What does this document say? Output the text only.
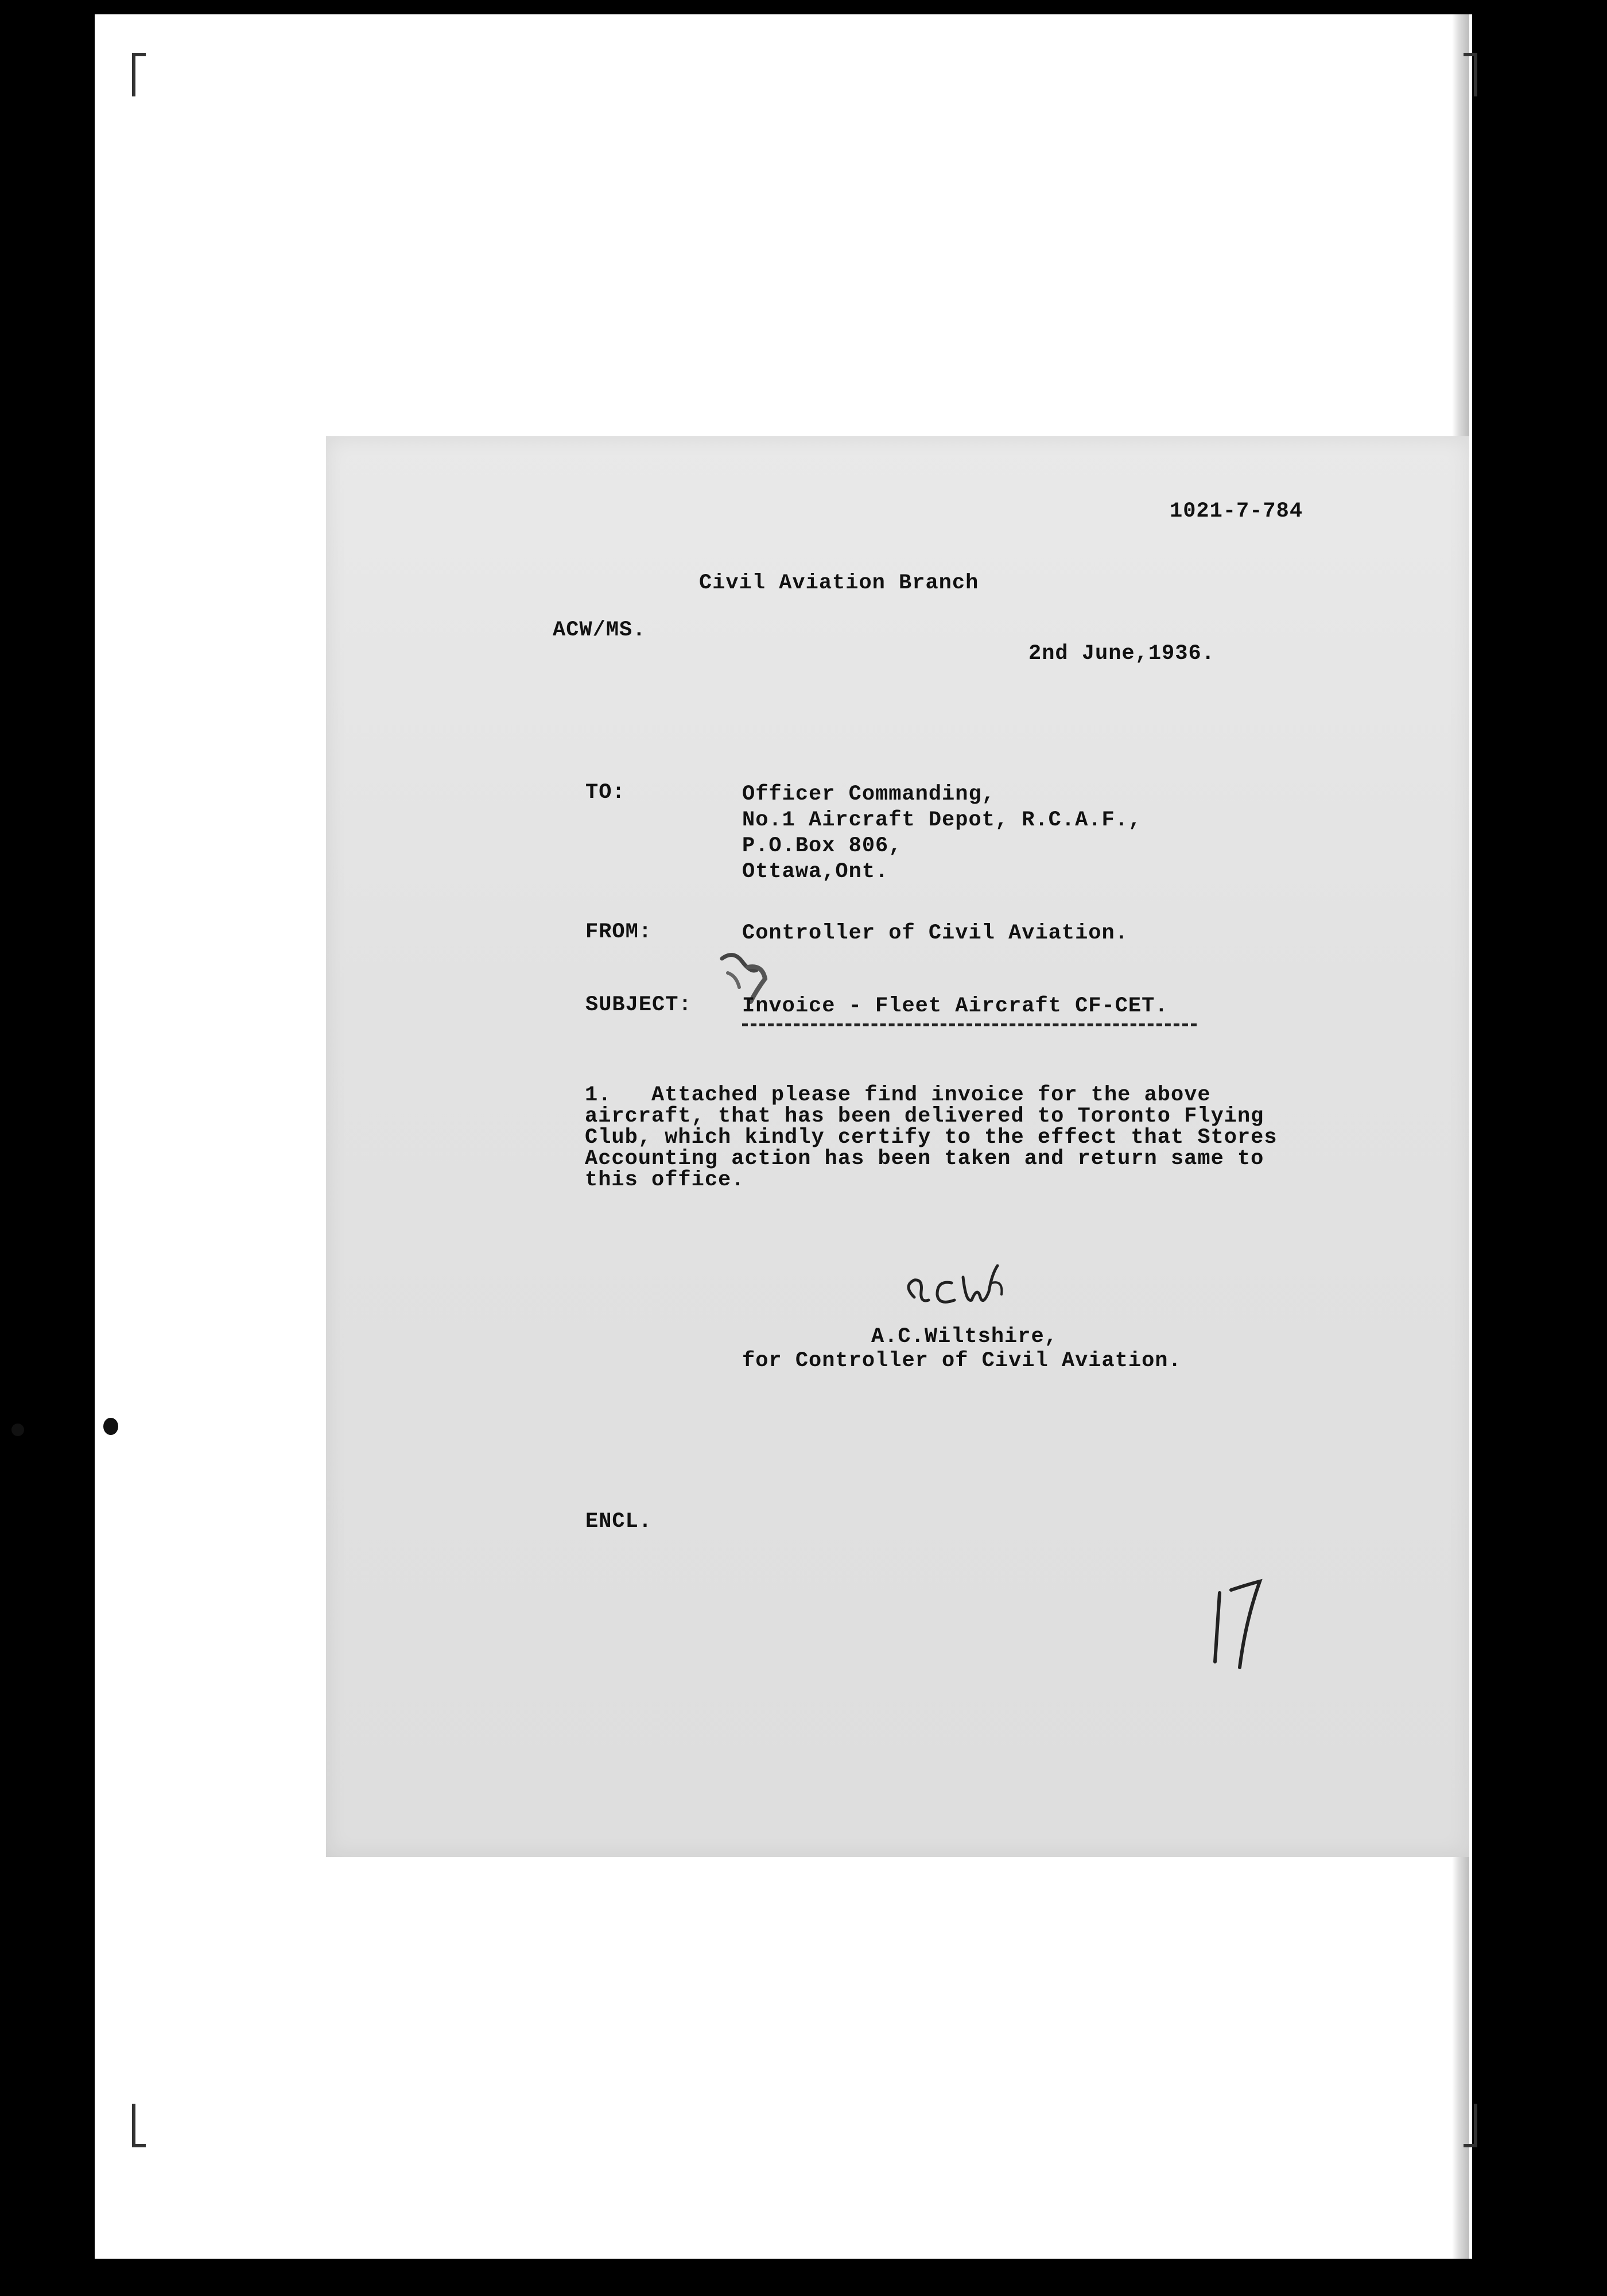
1021-7-784

Civil Aviation Branch

ACW/MS.

2nd June,1936.

TO:	Officer Commanding,
No.1 Aircraft Depot, R.C.A.F.,
P.O.Box 806,
Ottawa,Ont.

FROM:	Controller of Civil Aviation.

SUBJECT: Invoice - Fleet Aircraft CF-CET.

1. Attached please find invoice for the above
aircraft, that has been delivered to Toronto Flying
Club, which kindly certify to the effect that Stores
Accounting action has been taken and return same to
this office.

A.C.Wiltshire,

for Controller of Civil Aviation.

ENCL.
